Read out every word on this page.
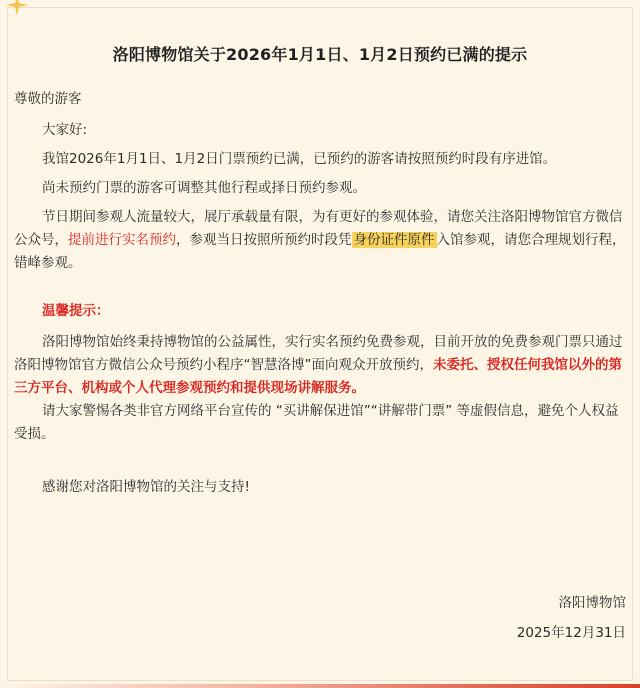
洛阳博物馆关于2026年1月1日、1月2日预约已满的提示

尊敬的游客

大家好:

我馆2026年1月1日、1月2日门票预约已满，已预约的游客请按照预约时段有序进馆。

尚未预约门票的游客可调整其他行程或择日预约参观。

节日期间参观人流量较大，展厅承载量有限，为有更好的参观体验，请您关注洛阳博物馆官方微信公众号，提前进行实名预约，参观当日按照所预约时段凭 身份证件原件 入馆参观，请您合理规划行程，错峰参观。

温馨提示：

洛阳博物馆始终秉持博物馆的公益属性，实行实名预约免费参观，目前开放的免费参观门票只通过洛阳博物馆官方微信公众号预约小程序“智慧洛博”面向观众开放预约，未委托、授权任何我馆以外的第三方平台、机构或个人代理参观预约和提供现场讲解服务。

请大家警惕各类非官方网络平台宣传的 “买讲解保进馆”“讲解带门票” 等虚假信息，避免个人权益受损。

感谢您对洛阳博物馆的关注与支持!

洛阳博物馆
2025年12月31日
